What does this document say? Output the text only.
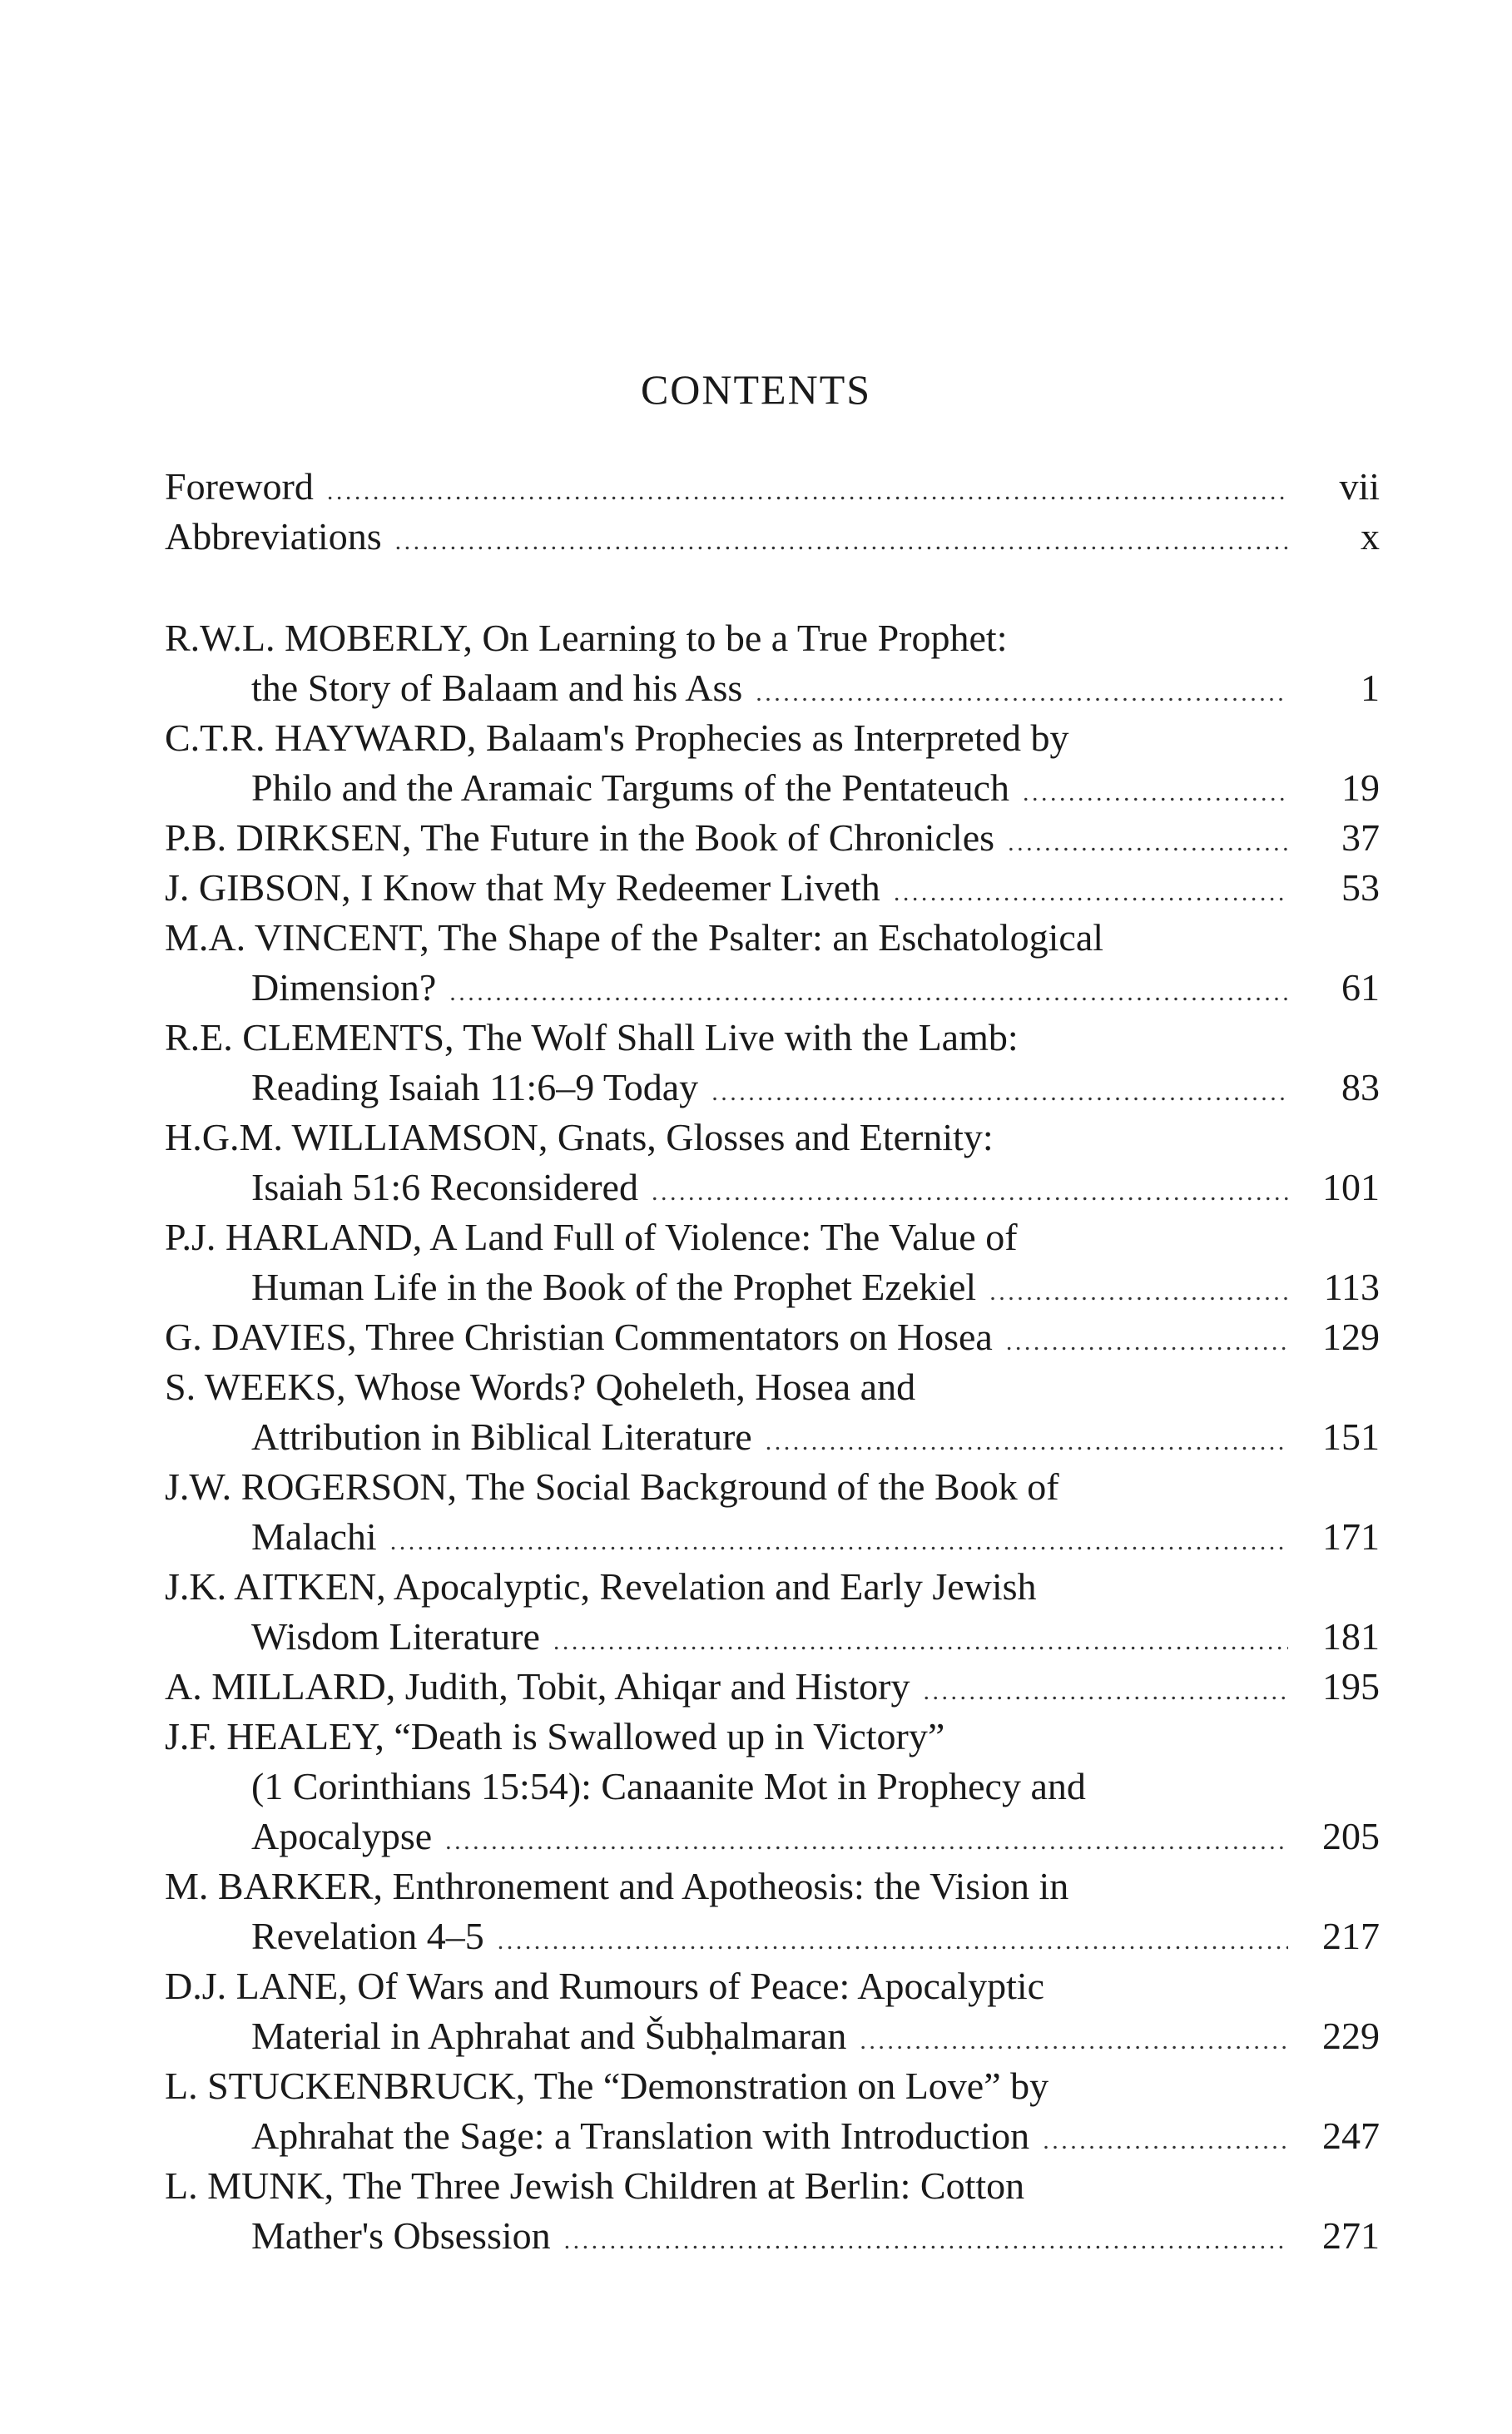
CONTENTS
Foreword . . .	vii
Abbreviations . . .	x
R.W.L. MOBERLY, On Learning to be a True Prophet:
the Story of Balaam and his Ass . . .	1
C.T.R. HAYWARD, Balaam's Prophecies as Interpreted by
Philo and the Aramaic Targums of the Pentateuch . . .	19
P.B. DIRKSEN, The Future in the Book of Chronicles . . .	37
J. GIBSON, I Know that My Redeemer Liveth . . .	53
M.A. VINCENT, The Shape of the Psalter: an Eschatological
Dimension? . . .	61
R.E. CLEMENTS, The Wolf Shall Live with the Lamb:
Reading Isaiah 11:6–9 Today . . .	83
H.G.M. WILLIAMSON, Gnats, Glosses and Eternity:
Isaiah 51:6 Reconsidered . . .	101
P.J. HARLAND, A Land Full of Violence: The Value of
Human Life in the Book of the Prophet Ezekiel . . .	113
G. DAVIES, Three Christian Commentators on Hosea . . .	129
S. WEEKS, Whose Words? Qoheleth, Hosea and
Attribution in Biblical Literature . . .	151
J.W. ROGERSON, The Social Background of the Book of
Malachi . . .	171
J.K. AITKEN, Apocalyptic, Revelation and Early Jewish
Wisdom Literature . . .	181
A. MILLARD, Judith, Tobit, Ahiqar and History . . .	195
J.F. HEALEY, “Death is Swallowed up in Victory”
(1 Corinthians 15:54): Canaanite Mot in Prophecy and
Apocalypse . . .	205
M. BARKER, Enthronement and Apotheosis: the Vision in
Revelation 4–5 . . .	217
D.J. LANE, Of Wars and Rumours of Peace: Apocalyptic
Material in Aphrahat and Šubḥalmaran . . .	229
L. STUCKENBRUCK, The “Demonstration on Love” by
Aphrahat the Sage: a Translation with Introduction . . .	247
L. MUNK, The Three Jewish Children at Berlin: Cotton
Mather's Obsession . . .	271
